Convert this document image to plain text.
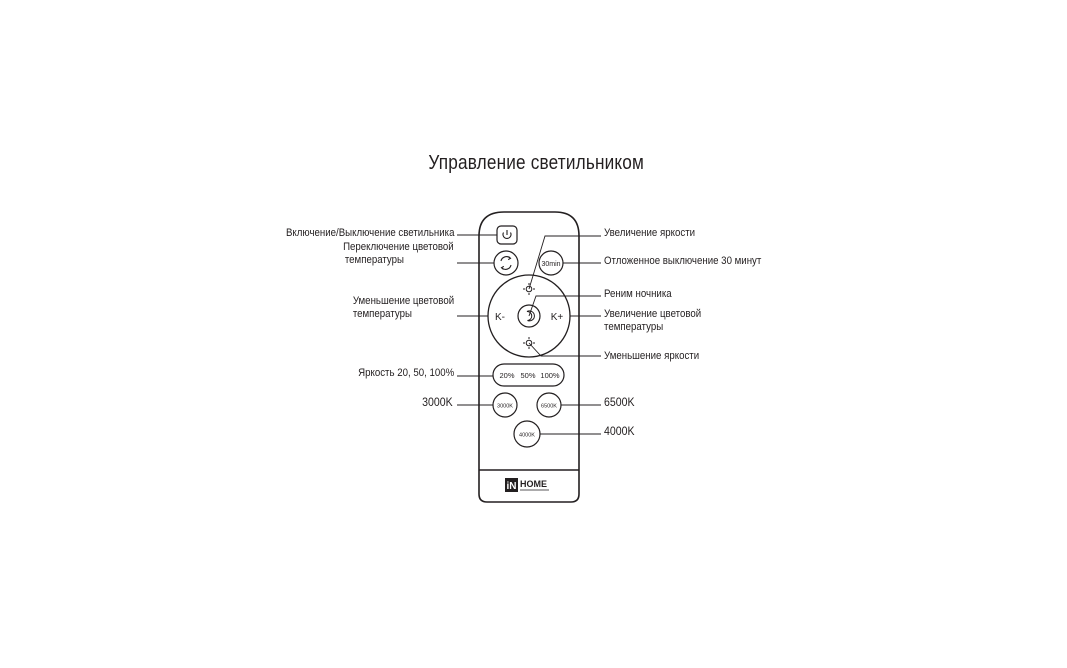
Управление светильником
30min
K-	K+
20% 50% 100%
3000K	6500K
4000K
iN HOME
Включение/Выключение светильника
Переключение цветовой
температуры
Уменьшение цветовой
температуры
Яркость 20, 50, 100%
3000K
Увеличение яркости
Отложенное выключение 30 минут
Реним ночника
Увеличение цветовой
температуры
Уменьшение яркости
6500K
4000K
